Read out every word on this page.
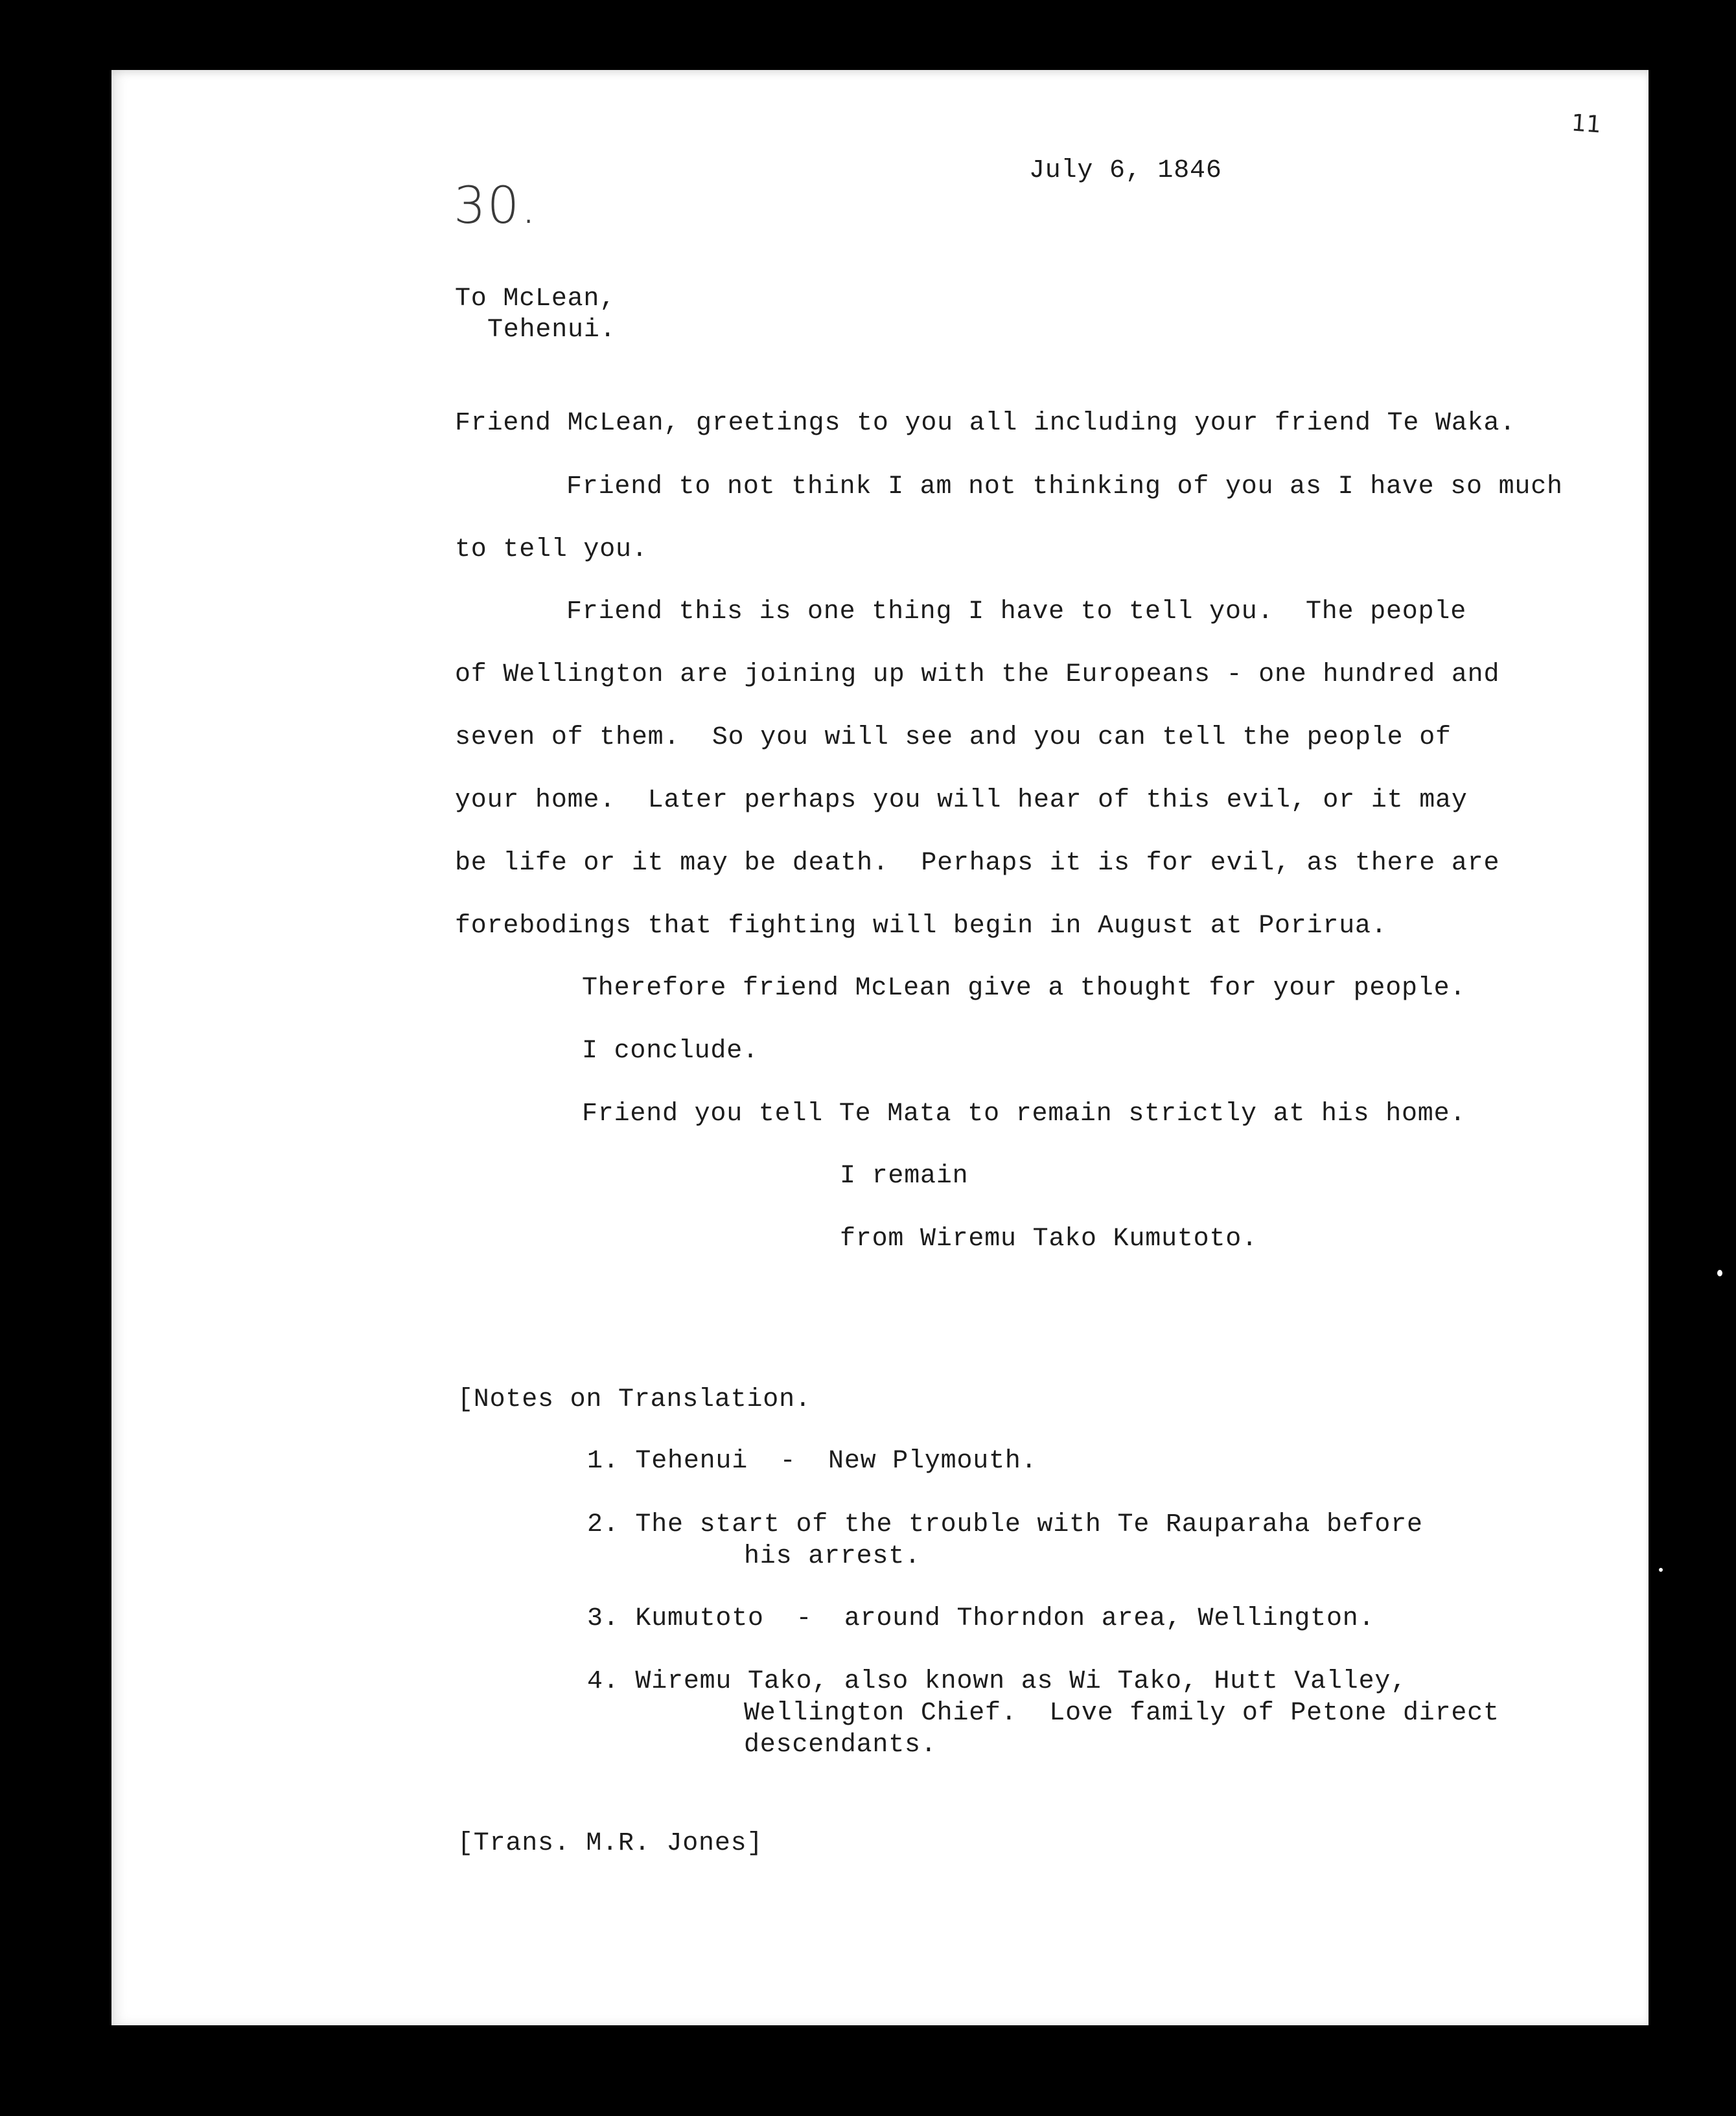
11
30.
July 6, 1846
To McLean,
Tehenui.
Friend McLean, greetings to you all including your friend Te Waka.
Friend to not think I am not thinking of you as I have so much
to tell you.
Friend this is one thing I have to tell you.  The people
of Wellington are joining up with the Europeans - one hundred and
seven of them.  So you will see and you can tell the people of
your home.  Later perhaps you will hear of this evil, or it may
be life or it may be death.  Perhaps it is for evil, as there are
forebodings that fighting will begin in August at Porirua.
Therefore friend McLean give a thought for your people.
I conclude.
Friend you tell Te Mata to remain strictly at his home.
I remain
from Wiremu Tako Kumutoto.
[Notes on Translation.
1. Tehenui  -  New Plymouth.
2. The start of the trouble with Te Rauparaha before
his arrest.
3. Kumutoto  -  around Thorndon area, Wellington.
4. Wiremu Tako, also known as Wi Tako, Hutt Valley,
Wellington Chief.  Love family of Petone direct
descendants.
[Trans. M.R. Jones]
